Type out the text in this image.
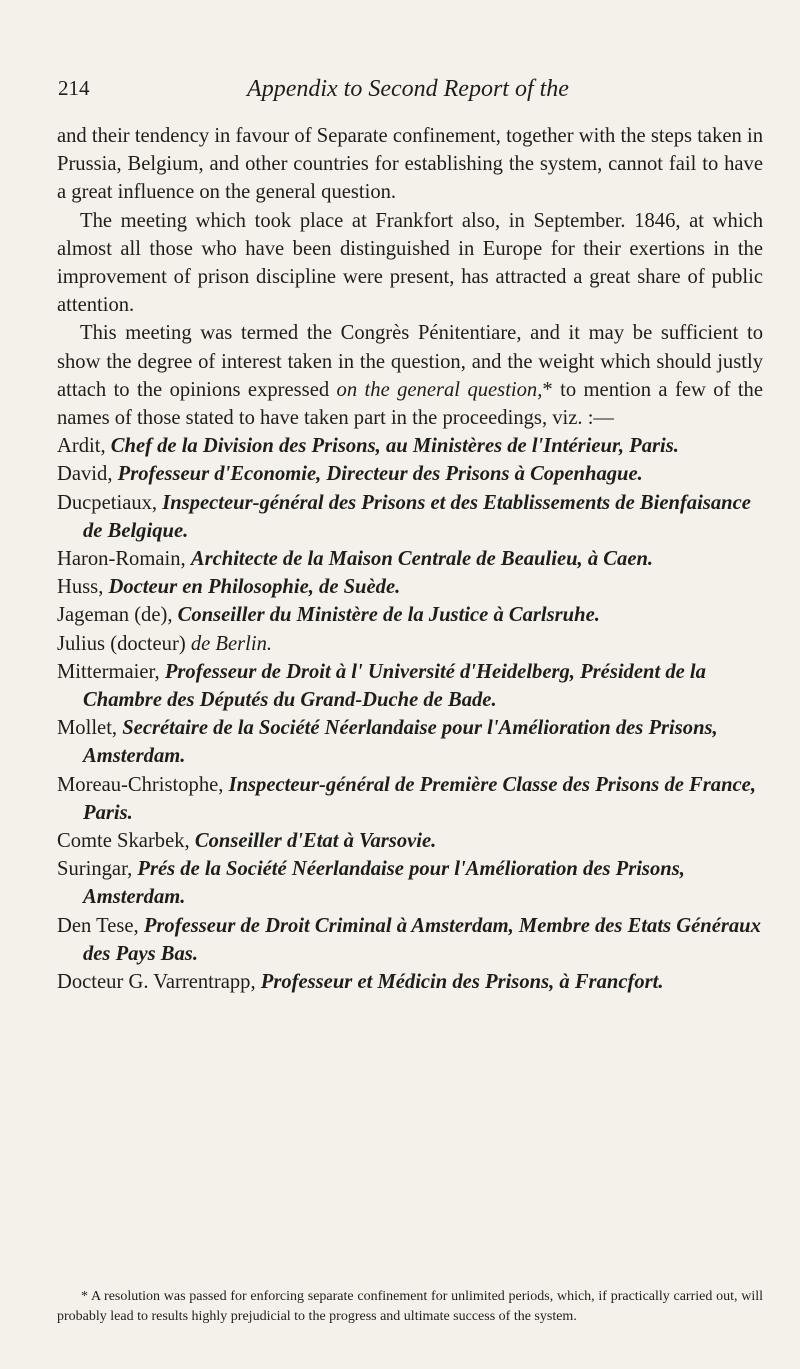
214	Appendix to Second Report of the

and their tendency in favour of Separate confinement, together with the steps taken in Prussia, Belgium, and other countries for establishing the system, cannot fail to have a great influence on the general question.

The meeting which took place at Frankfort also, in September. 1846, at which almost all those who have been distinguished in Europe for their exertions in the improvement of prison discipline were present, has attracted a great share of public attention.

This meeting was termed the Congrès Pénitentiare, and it may be sufficient to show the degree of interest taken in the question, and the weight which should justly attach to the opinions expressed on the general question,* to mention a few of the names of those stated to have taken part in the proceedings, viz. :—

Ardit, Chef de la Division des Prisons, au Ministères de l'Intérieur, Paris.

David, Professeur d'Economie, Directeur des Prisons à Copenhague.

Ducpetiaux, Inspecteur-général des Prisons et des Etablissements de Bienfaisance de Belgique.

Haron-Romain, Architecte de la Maison Centrale de Beaulieu, à Caen.

Huss, Docteur en Philosophie, de Suède.

Jageman (de), Conseiller du Ministère de la Justice à Carlsruhe.

Julius (docteur) de Berlin.

Mittermaier, Professeur de Droit à l' Université d'Heidelberg, Président de la Chambre des Députés du Grand-Duche de Bade.

Mollet, Secrétaire de la Société Néerlandaise pour l'Amélioration des Prisons, Amsterdam.

Moreau-Christophe, Inspecteur-général de Première Classe des Prisons de France, Paris.

Comte Skarbek, Conseiller d'Etat à Varsovie.

Suringar, Prés de la Société Néerlandaise pour l'Amélioration des Prisons, Amsterdam.

Den Tese, Professeur de Droit Criminal à Amsterdam, Membre des Etats Généraux des Pays Bas.

Docteur G. Varrentrapp, Professeur et Médicin des Prisons, à Francfort.

* A resolution was passed for enforcing separate confinement for unlimited periods, which, if practically carried out, will probably lead to results highly prejudicial to the progress and ultimate success of the system.
